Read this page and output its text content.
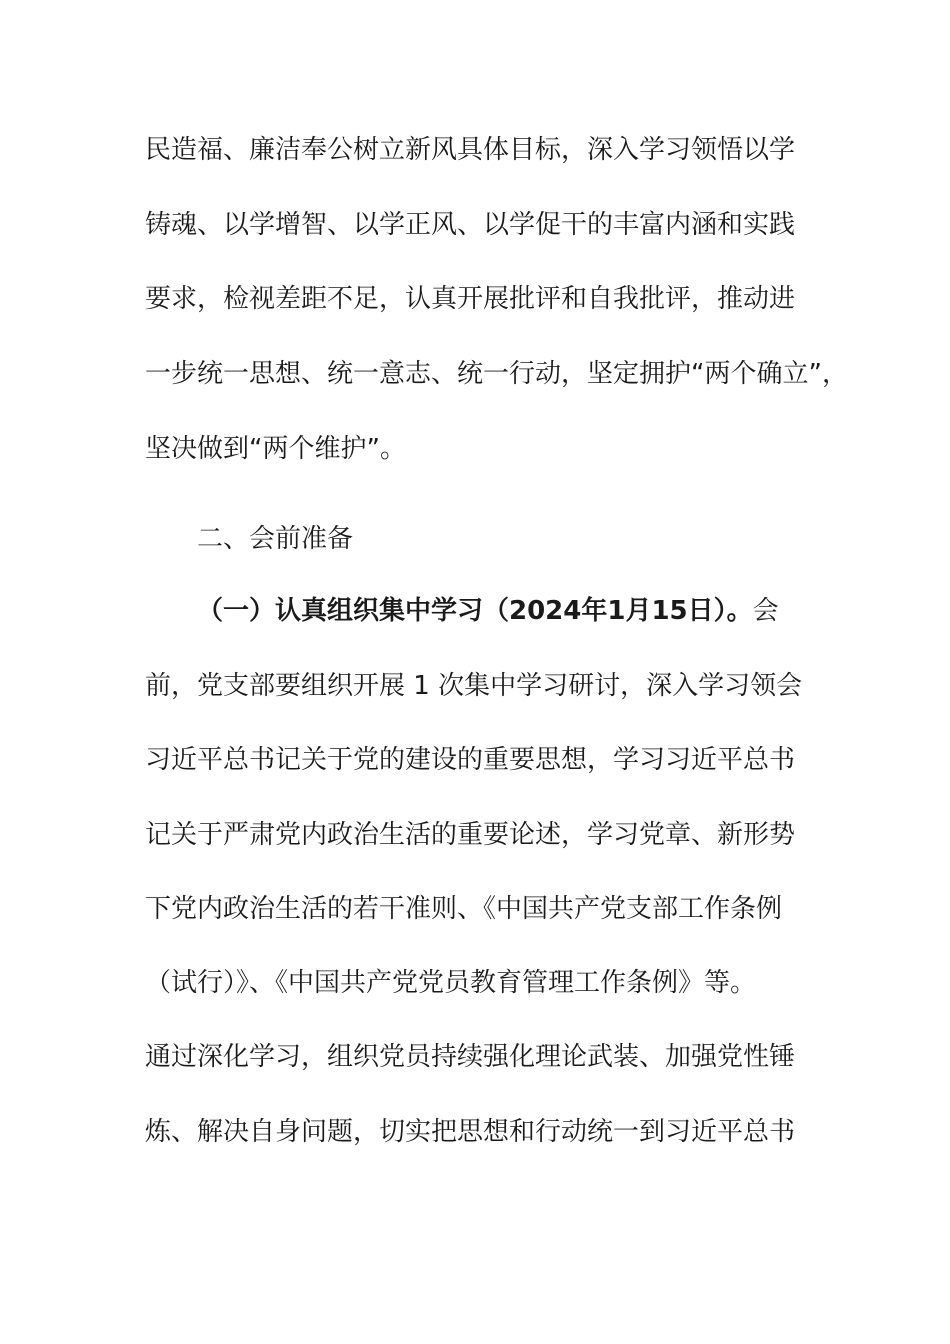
民造福、廉洁奉公树立新风具体目标，深入学习领悟以学
铸魂、以学增智、以学正风、以学促干的丰富内涵和实践
要求，检视差距不足，认真开展批评和自我批评，推动进
一步统一思想、统一意志、统一行动，坚定拥护“两个确立”，
坚决做到“两个维护”。
二、会前准备
（一）认真组织集中学习（2024年1月15日）。会
前，党支部要组织开展 1 次集中学习研讨，深入学习领会
习近平总书记关于党的建设的重要思想，学习习近平总书
记关于严肃党内政治生活的重要论述，学习党章、新形势
下党内政治生活的若干准则、《中国共产党支部工作条例
（试行）》、《中国共产党党员教育管理工作条例》等。
通过深化学习，组织党员持续强化理论武装、加强党性锤
炼、解决自身问题，切实把思想和行动统一到习近平总书
